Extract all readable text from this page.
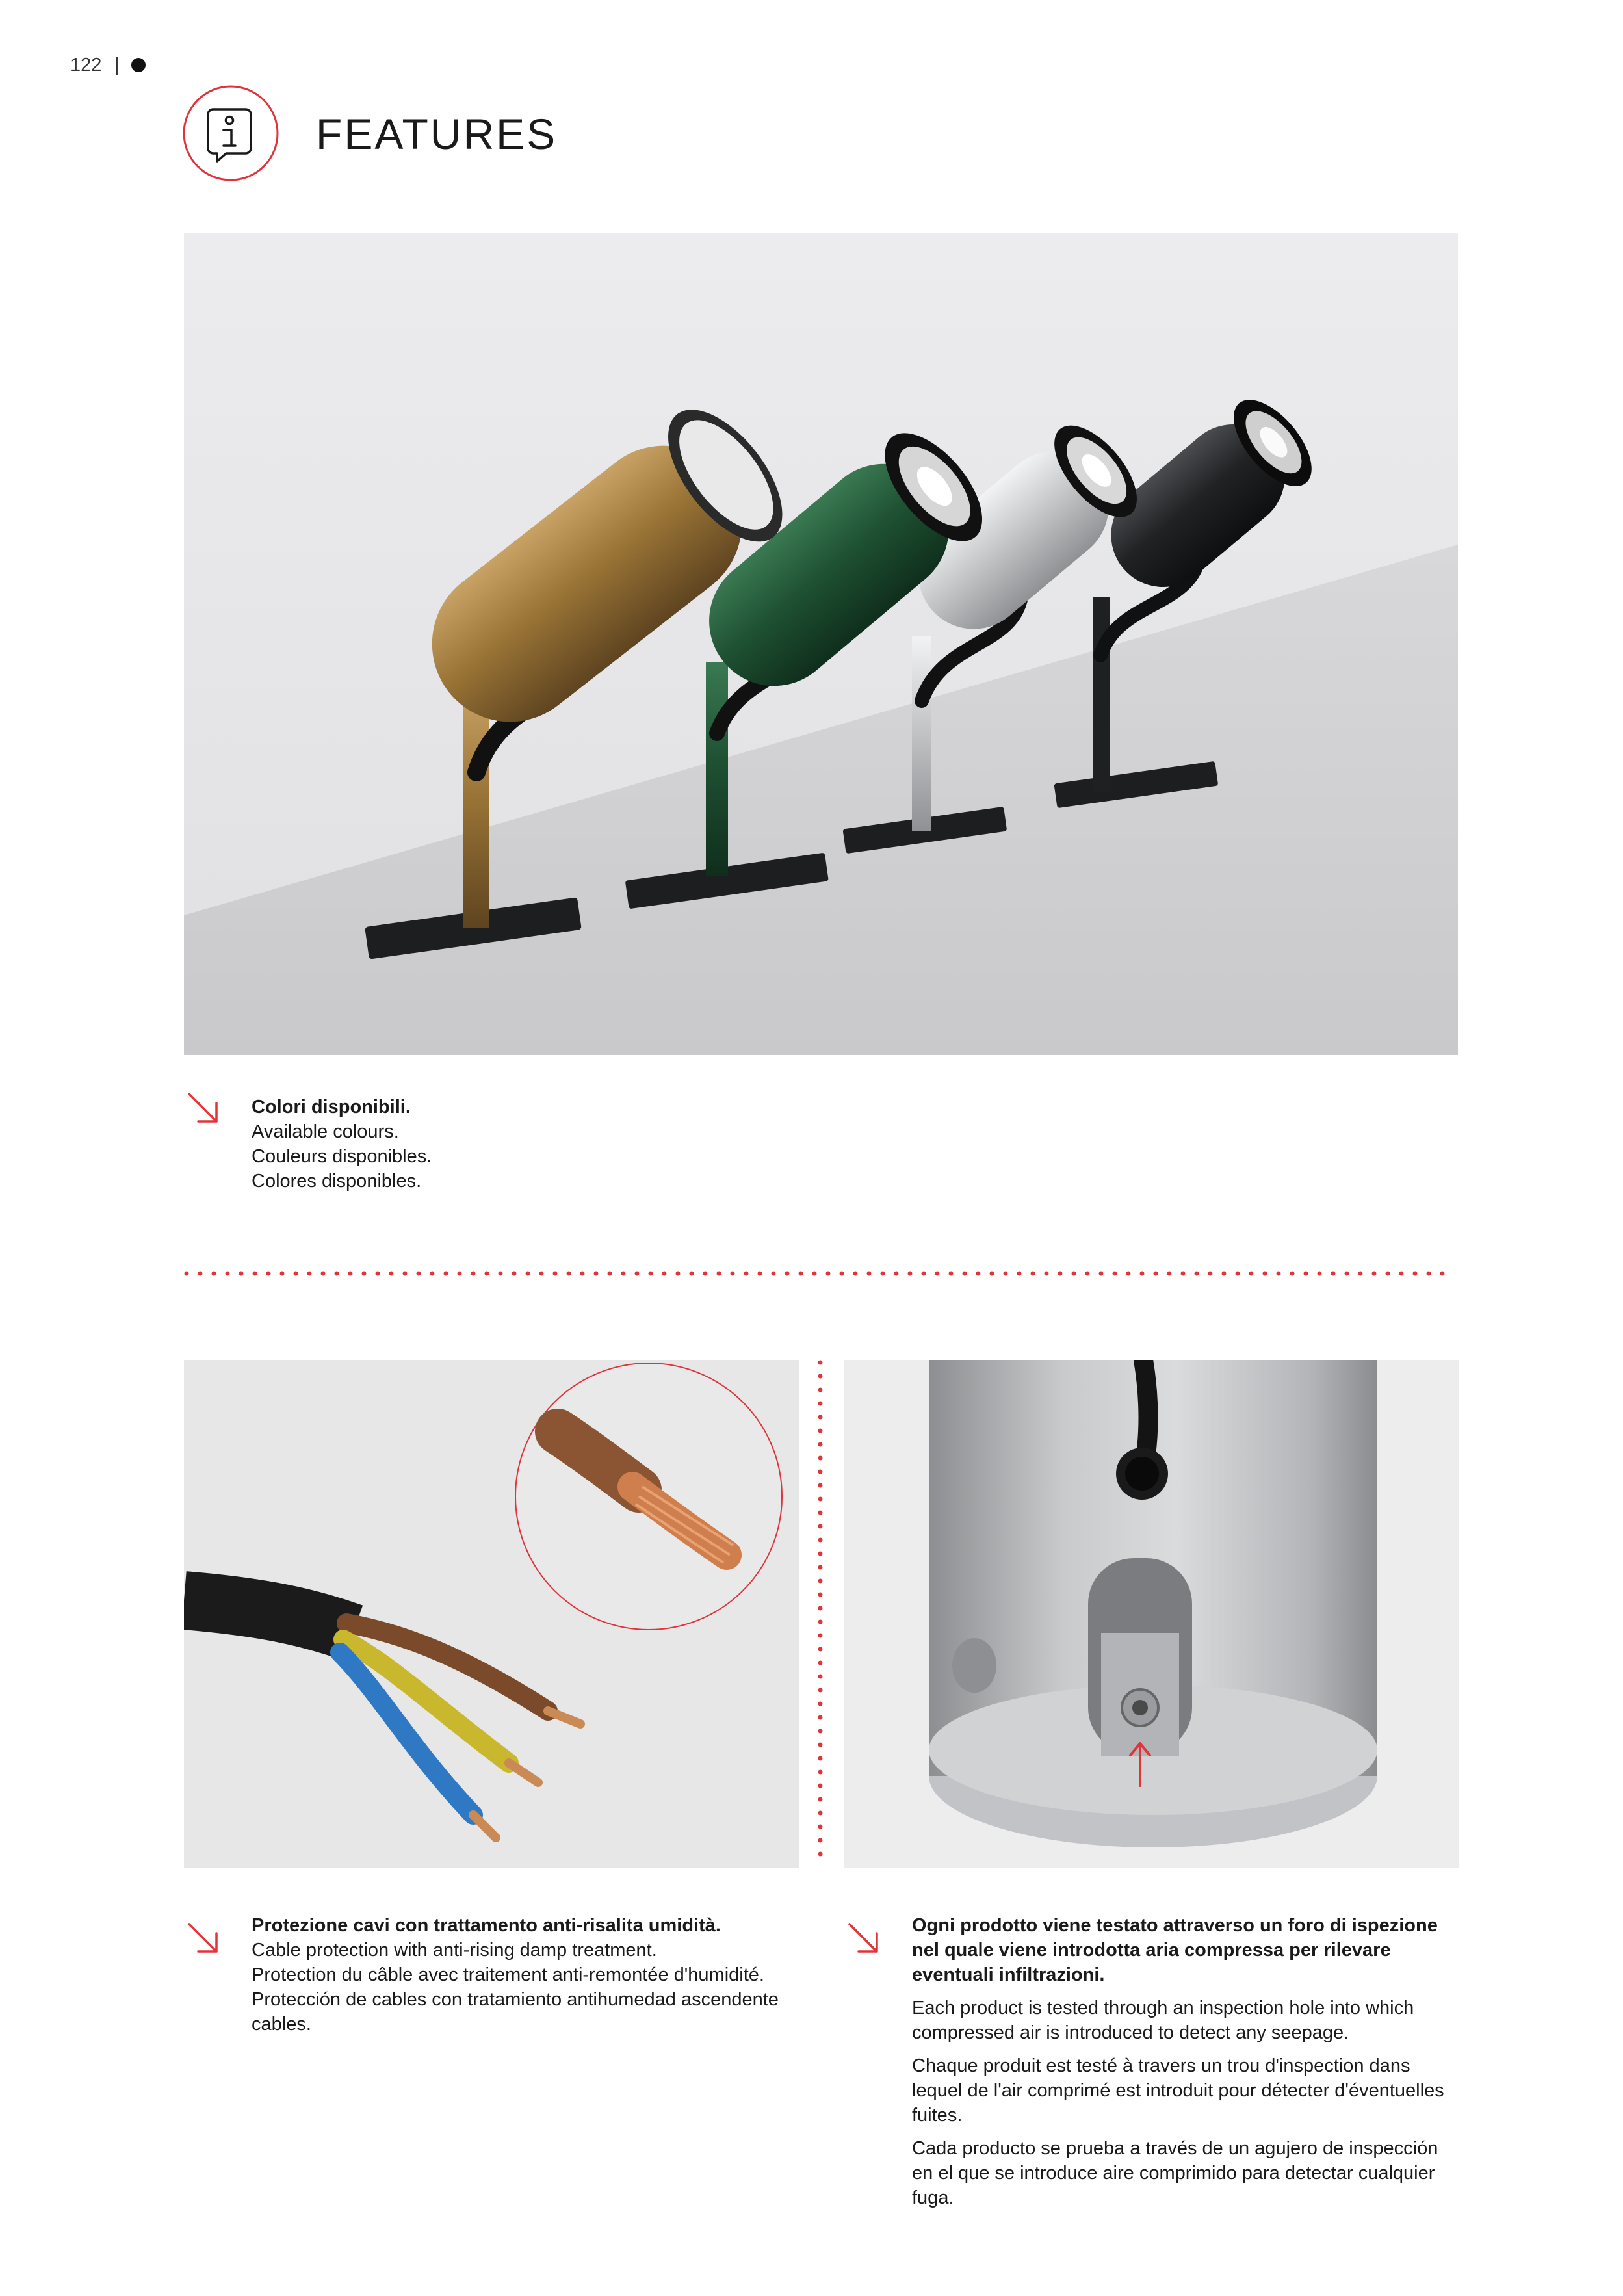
122 |
FEATURES

Colori disponibili.

Available colours.

Couleurs disponibles.

Colores disponibles.

Protezione cavi con trattamento anti-risalita umidità.

Cable protection with anti-rising damp treatment.

Protection du câble avec traitement anti-remontée d'humidité.

Protección de cables con tratamiento antihumedad ascendente cables.

Ogni prodotto viene testato attraverso un foro di ispezione nel quale viene introdotta aria compressa per rilevare eventuali infiltrazioni.

Each product is tested through an inspection hole into which compressed air is introduced to detect any seepage.

Chaque produit est testé à travers un trou d'inspection dans lequel de l'air comprimé est introduit pour détecter d'éventuelles fuites.

Cada producto se prueba a través de un agujero de inspección en el que se introduce aire comprimido para detectar cualquier fuga.
